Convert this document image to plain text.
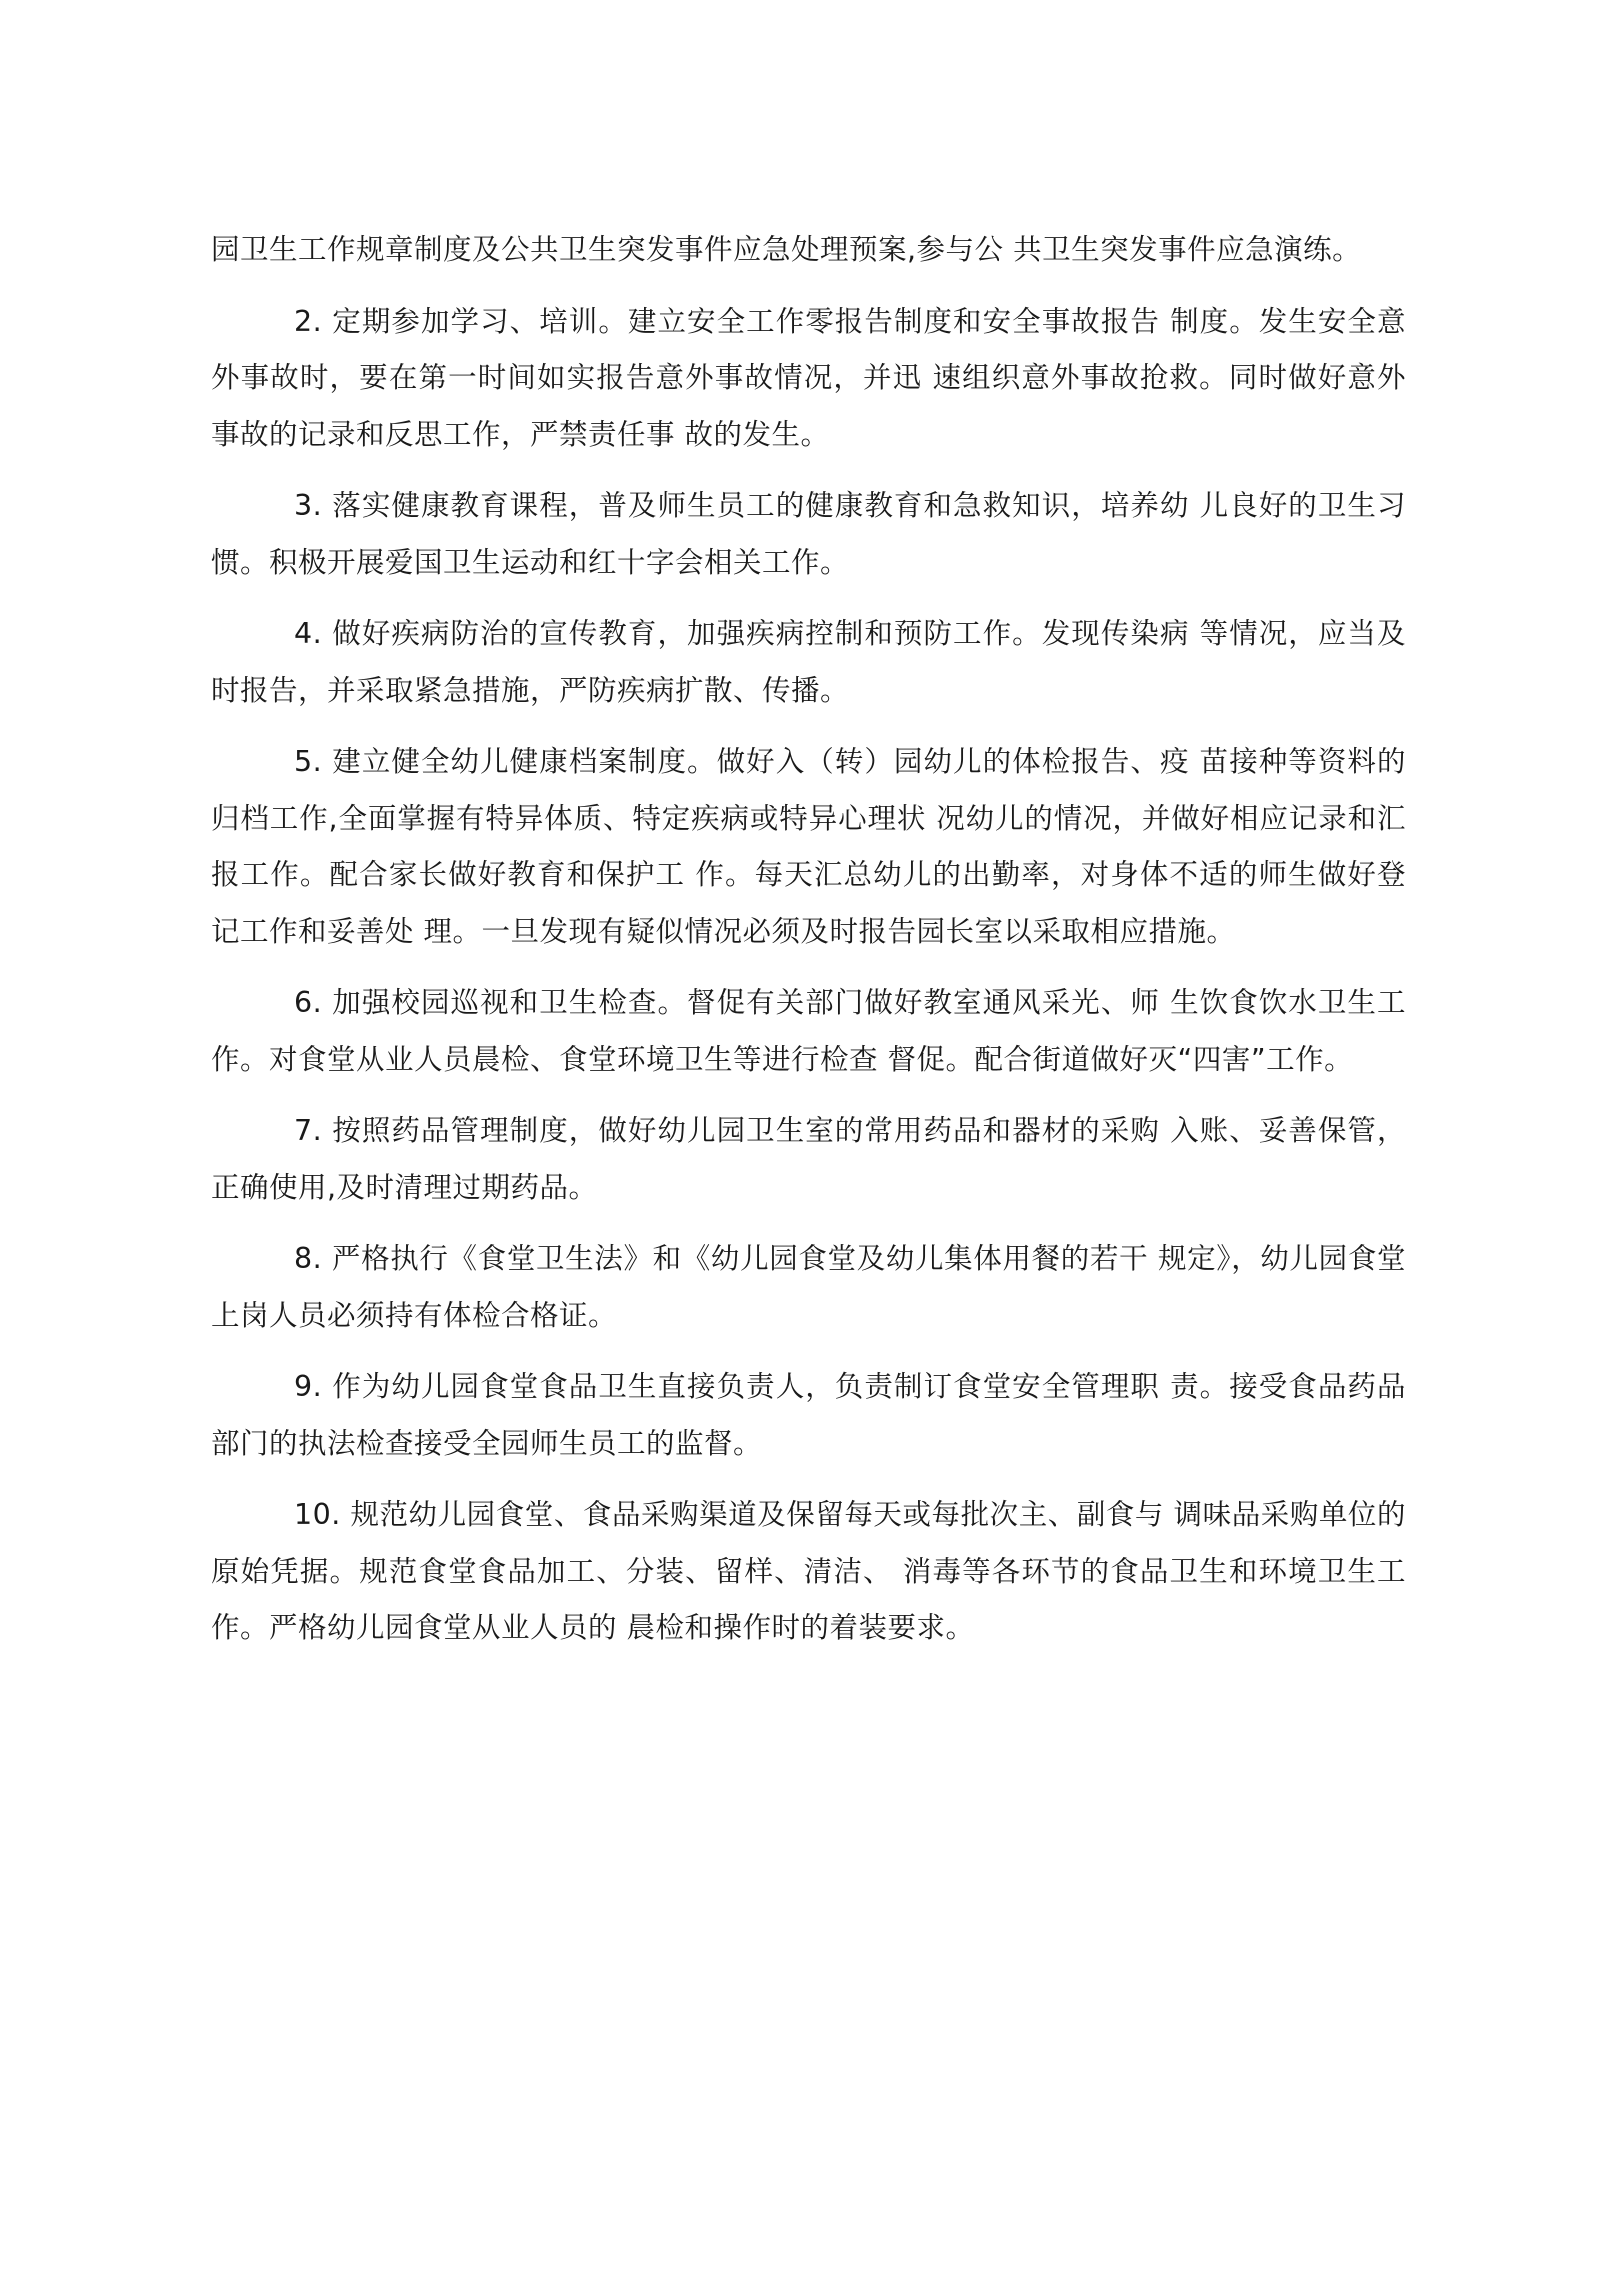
园卫生工作规章制度及公共卫生突发事件应急处理预案,参与公 共卫生突发事件应急演练。

2. 定期参加学习、培训。建立安全工作零报告制度和安全事故报告 制度。发生安全意外事故时，要在第一时间如实报告意外事故情况，并迅 速组织意外事故抢救。同时做好意外事故的记录和反思工作，严禁责任事 故的发生。

3. 落实健康教育课程，普及师生员工的健康教育和急救知识，培养幼 儿良好的卫生习惯。积极开展爱国卫生运动和红十字会相关工作。

4. 做好疾病防治的宣传教育，加强疾病控制和预防工作。发现传染病 等情况，应当及时报告，并采取紧急措施，严防疾病扩散、传播。

5. 建立健全幼儿健康档案制度。做好入（转）园幼儿的体检报告、疫 苗接种等资料的归档工作,全面掌握有特异体质、特定疾病或特异心理状 况幼儿的情况，并做好相应记录和汇报工作。配合家长做好教育和保护工 作。每天汇总幼儿的出勤率，对身体不适的师生做好登记工作和妥善处 理。一旦发现有疑似情况必须及时报告园长室以采取相应措施。

6. 加强校园巡视和卫生检查。督促有关部门做好教室通风采光、师 生饮食饮水卫生工作。对食堂从业人员晨检、食堂环境卫生等进行检查 督促。配合街道做好灭“四害”工作。

7. 按照药品管理制度，做好幼儿园卫生室的常用药品和器材的采购 入账、妥善保管，正确使用,及时清理过期药品。

8. 严格执行《食堂卫生法》和《幼儿园食堂及幼儿集体用餐的若干 规定》，幼儿园食堂上岗人员必须持有体检合格证。

9. 作为幼儿园食堂食品卫生直接负责人，负责制订食堂安全管理职 责。接受食品药品部门的执法检查接受全园师生员工的监督。

10. 规范幼儿园食堂、食品采购渠道及保留每天或每批次主、副食与 调味品采购单位的原始凭据。规范食堂食品加工、分装、留样、清洁、 消毒等各环节的食品卫生和环境卫生工作。严格幼儿园食堂从业人员的 晨检和操作时的着装要求。
